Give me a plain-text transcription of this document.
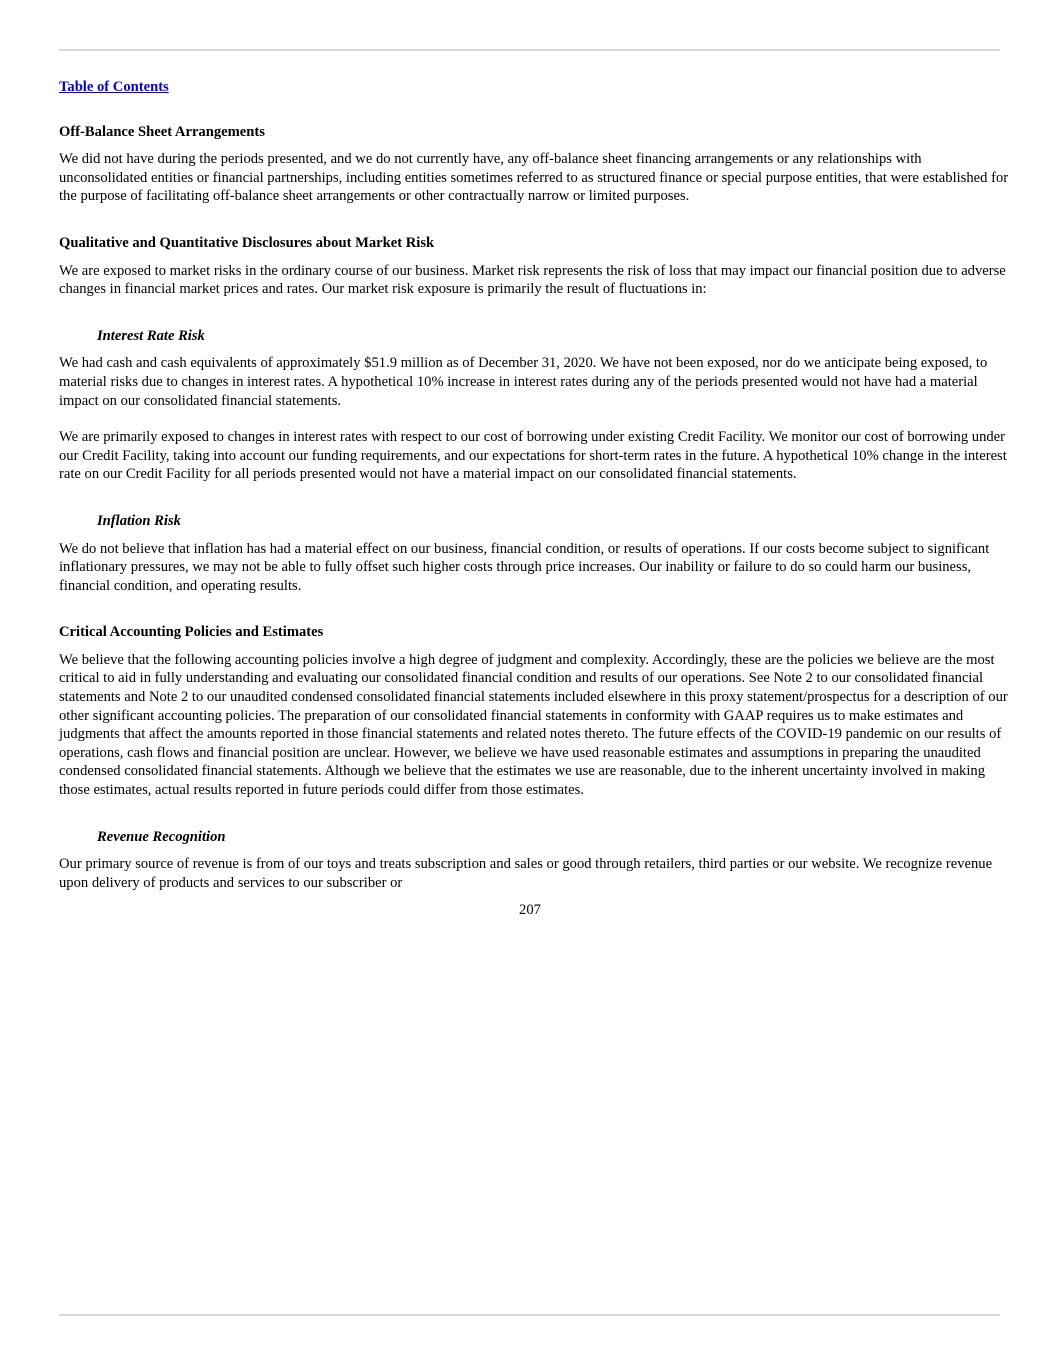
Table of Contents

Off-Balance Sheet Arrangements

We did not have during the periods presented, and we do not currently have, any off-balance sheet financing arrangements or any relationships with unconsolidated entities or financial partnerships, including entities sometimes referred to as structured finance or special purpose entities, that were established for the purpose of facilitating off-balance sheet arrangements or other contractually narrow or limited purposes.

Qualitative and Quantitative Disclosures about Market Risk

We are exposed to market risks in the ordinary course of our business. Market risk represents the risk of loss that may impact our financial position due to adverse changes in financial market prices and rates. Our market risk exposure is primarily the result of fluctuations in:

Interest Rate Risk

We had cash and cash equivalents of approximately $51.9 million as of December 31, 2020. We have not been exposed, nor do we anticipate being exposed, to material risks due to changes in interest rates. A hypothetical 10% increase in interest rates during any of the periods presented would not have had a material impact on our consolidated financial statements.

We are primarily exposed to changes in interest rates with respect to our cost of borrowing under existing Credit Facility. We monitor our cost of borrowing under our Credit Facility, taking into account our funding requirements, and our expectations for short-term rates in the future. A hypothetical 10% change in the interest rate on our Credit Facility for all periods presented would not have a material impact on our consolidated financial statements.

Inflation Risk

We do not believe that inflation has had a material effect on our business, financial condition, or results of operations. If our costs become subject to significant inflationary pressures, we may not be able to fully offset such higher costs through price increases. Our inability or failure to do so could harm our business, financial condition, and operating results.

Critical Accounting Policies and Estimates

We believe that the following accounting policies involve a high degree of judgment and complexity. Accordingly, these are the policies we believe are the most critical to aid in fully understanding and evaluating our consolidated financial condition and results of our operations. See Note 2 to our consolidated financial statements and Note 2 to our unaudited condensed consolidated financial statements included elsewhere in this proxy statement/prospectus for a description of our other significant accounting policies. The preparation of our consolidated financial statements in conformity with GAAP requires us to make estimates and judgments that affect the amounts reported in those financial statements and related notes thereto. The future effects of the COVID-19 pandemic on our results of operations, cash flows and financial position are unclear. However, we believe we have used reasonable estimates and assumptions in preparing the unaudited condensed consolidated financial statements. Although we believe that the estimates we use are reasonable, due to the inherent uncertainty involved in making those estimates, actual results reported in future periods could differ from those estimates.

Revenue Recognition

Our primary source of revenue is from of our toys and treats subscription and sales or good through retailers, third parties or our website. We recognize revenue upon delivery of products and services to our subscriber or

207
